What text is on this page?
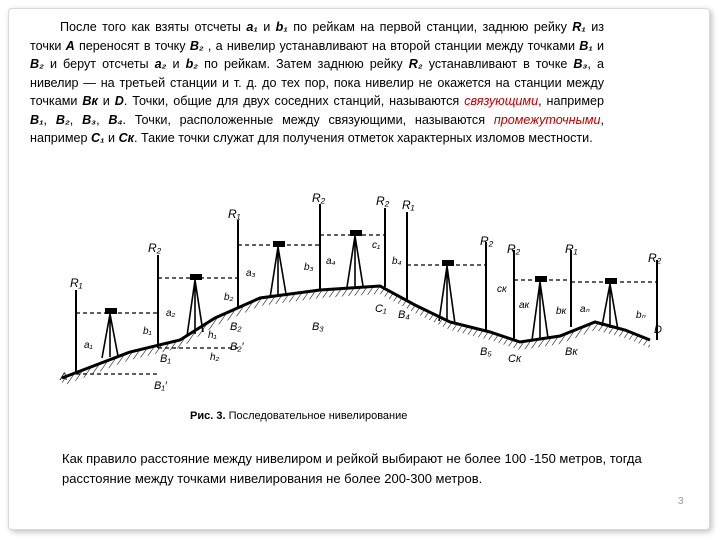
После того как взяты отсчеты a₁ и b₁ по рейкам на первой станции, заднюю рейку R₁ из точки А переносят в точку В₂ , а нивелир устанавливают на второй станции между точками В₁ и В₂ и берут отсчеты a₂ и b₂ по рейкам. Затем заднюю рейку R₂ устанавливают в точке В₃, а нивелир — на третьей станции и т. д. до тех пор, пока нивелир не окажется на станции между точками Вк и D. Точки, общие для двух соседних станций, называются связующими, например В₁, В₂, В₃, В₄. Точки, расположенные между связующими, называются промежуточными, например С₁ и Ск. Такие точки служат для получения отметок характерных изломов местности.
R₁
R₂
R₁
R₂	R₂ R₁
R₂
R₂	R₁
R₂
A
B₁
B₁′
B₂
B₂′
B₃
C₁ B₄
B₅
Cк
Bк
D
a₁
b₁
a₂
b₂
a₃
b₃
a₄
c₁
b₄
cк
aк
bк aₙ
bₙ
h₁
h₂
Рис. 3. Последовательное нивелирование
Как правило расстояние между нивелиром и рейкой выбирают не более 100 -150 метров, тогда расстояние между точками нивелирования не более 200-300 метров.
3
